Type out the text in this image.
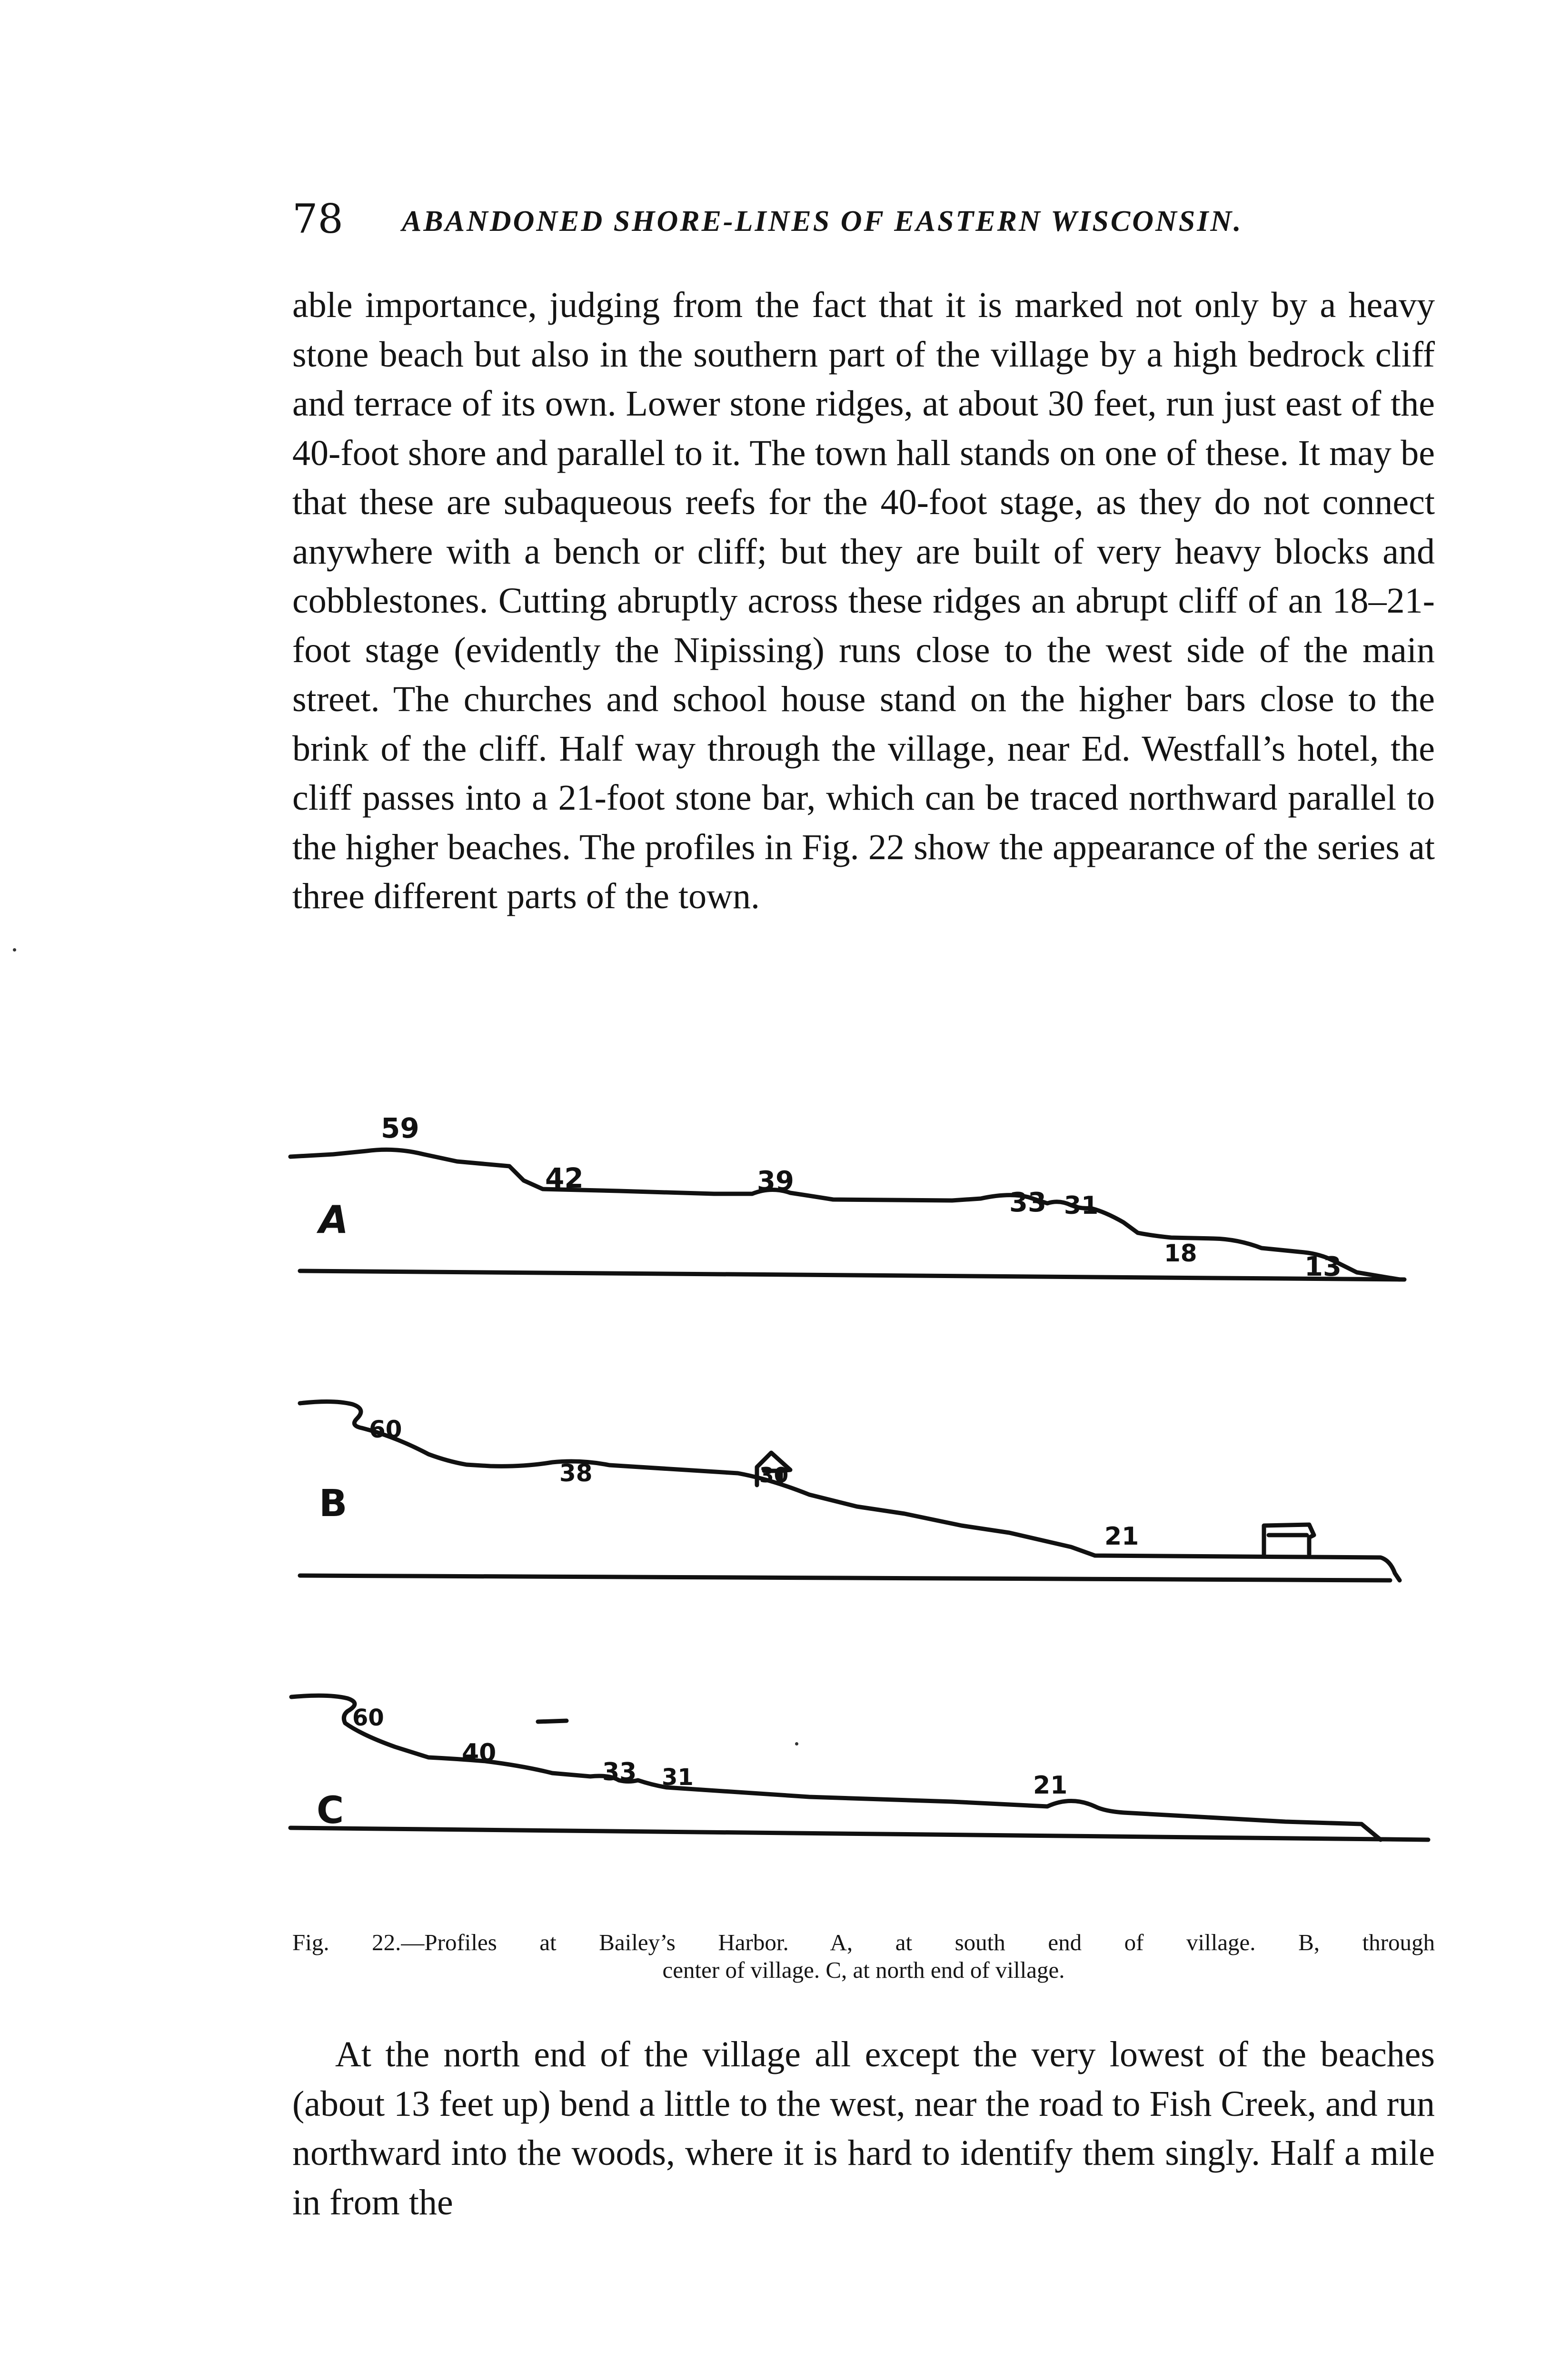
78 ABANDONED SHORE-LINES OF EASTERN WISCONSIN.

able importance, judging from the fact that it is marked not only by a heavy stone beach but also in the southern part of the village by a high bedrock cliff and terrace of its own. Lower stone ridges, at about 30 feet, run just east of the 40-foot shore and parallel to it. The town hall stands on one of these. It may be that these are subaqueous reefs for the 40-foot stage, as they do not connect anywhere with a bench or cliff; but they are built of very heavy blocks and cobblestones. Cutting abruptly across these ridges an abrupt cliff of an 18–21-foot stage (evidently the Nipissing) runs close to the west side of the main street. The churches and school house stand on the higher bars close to the brink of the cliff. Half way through the village, near Ed. Westfall’s hotel, the cliff passes into a 21-foot stone bar, which can be traced northward parallel to the higher beaches. The profiles in Fig. 22 show the appearance of the series at three different parts of the town.

A
B
C
59
42	39
33 31
18	13
60
38	30
21
60
40
33 31	21
Fig. 22.—Profiles at Bailey’s Harbor. A, at south end of village. B, through
center of village. C, at north end of village.

At the north end of the village all except the very lowest of the beaches (about 13 feet up) bend a little to the west, near the road to Fish Creek, and run northward into the woods, where it is hard to identify them singly. Half a mile in from the
